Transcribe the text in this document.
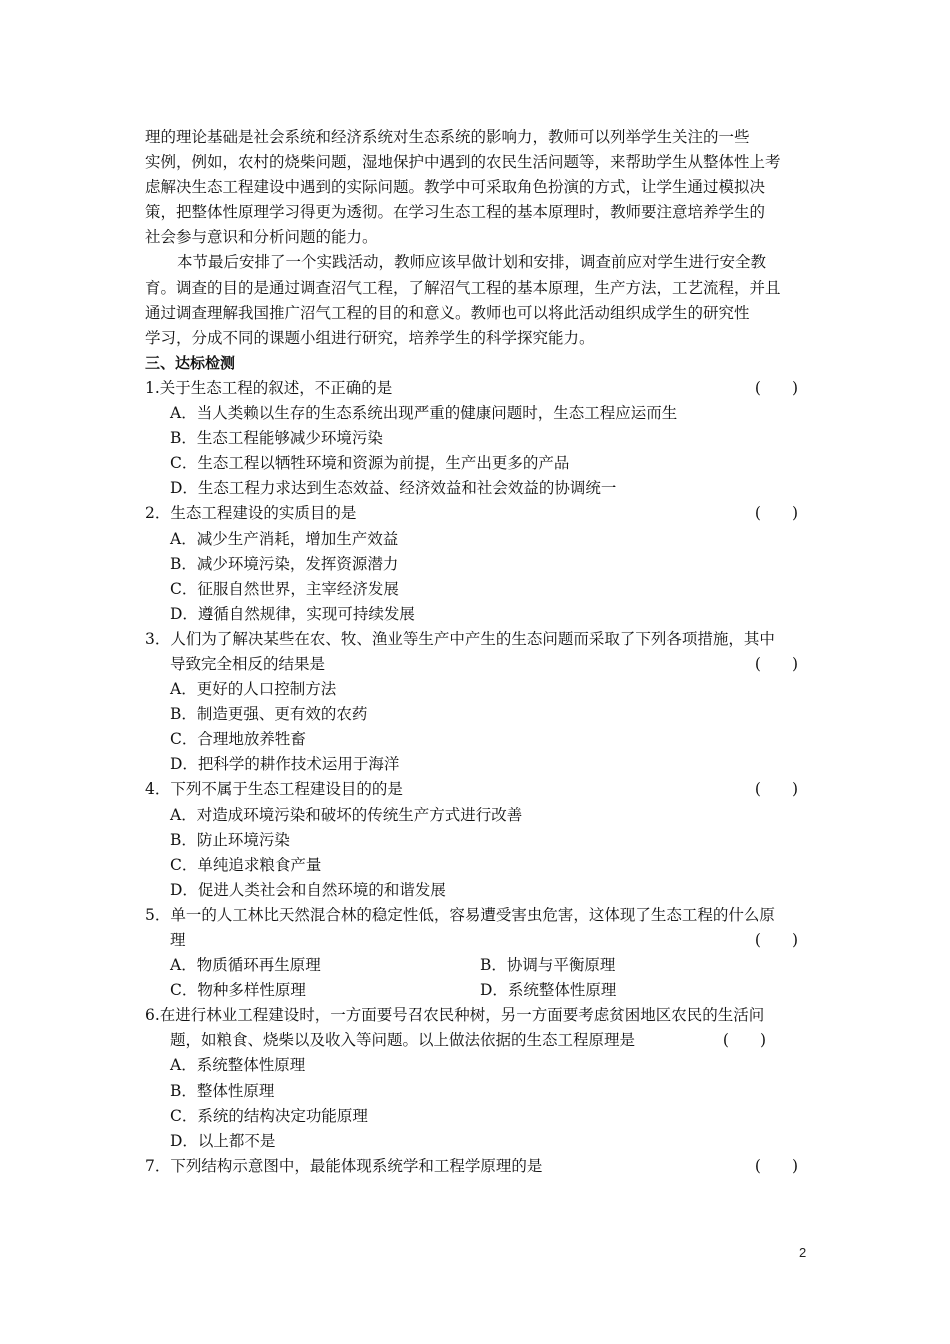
理的理论基础是社会系统和经济系统对生态系统的影响力，教师可以列举学生关注的一些
实例，例如，农村的烧柴问题，湿地保护中遇到的农民生活问题等，来帮助学生从整体性上考
虑解决生态工程建设中遇到的实际问题。教学中可采取角色扮演的方式，让学生通过模拟决
策，把整体性原理学习得更为透彻。在学习生态工程的基本原理时，教师要注意培养学生的
社会参与意识和分析问题的能力。
本节最后安排了一个实践活动，教师应该早做计划和安排，调查前应对学生进行安全教
育。调查的目的是通过调查沼气工程，了解沼气工程的基本原理，生产方法，工艺流程，并且
通过调查理解我国推广沼气工程的目的和意义。教师也可以将此活动组织成学生的研究性
学习，分成不同的课题小组进行研究，培养学生的科学探究能力。
三、达标检测
1.关于生态工程的叙述，不正确的是	(　　)
A．当人类赖以生存的生态系统出现严重的健康问题时，生态工程应运而生
B．生态工程能够减少环境污染
C．生态工程以牺牲环境和资源为前提，生产出更多的产品
D．生态工程力求达到生态效益、经济效益和社会效益的协调统一
2．生态工程建设的实质目的是	(　　)
A．减少生产消耗，增加生产效益
B．减少环境污染，发挥资源潜力
C．征服自然世界，主宰经济发展
D．遵循自然规律，实现可持续发展
3．人们为了解决某些在农、牧、渔业等生产中产生的生态问题而采取了下列各项措施，其中
导致完全相反的结果是	(　　)
A．更好的人口控制方法
B．制造更强、更有效的农药
C．合理地放养牲畜
D．把科学的耕作技术运用于海洋
4．下列不属于生态工程建设目的的是	(　　)
A．对造成环境污染和破坏的传统生产方式进行改善
B．防止环境污染
C．单纯追求粮食产量
D．促进人类社会和自然环境的和谐发展
5．单一的人工林比天然混合林的稳定性低，容易遭受害虫危害，这体现了生态工程的什么原
理	(　　)
A．物质循环再生原理	B．协调与平衡原理
C．物种多样性原理	D．系统整体性原理
6.在进行林业工程建设时，一方面要号召农民种树，另一方面要考虑贫困地区农民的生活问
题，如粮食、烧柴以及收入等问题。以上做法依据的生态工程原理是	(　　)
A．系统整体性原理
B．整体性原理
C．系统的结构决定功能原理
D．以上都不是
7．下列结构示意图中，最能体现系统学和工程学原理的是	(　　)
2
